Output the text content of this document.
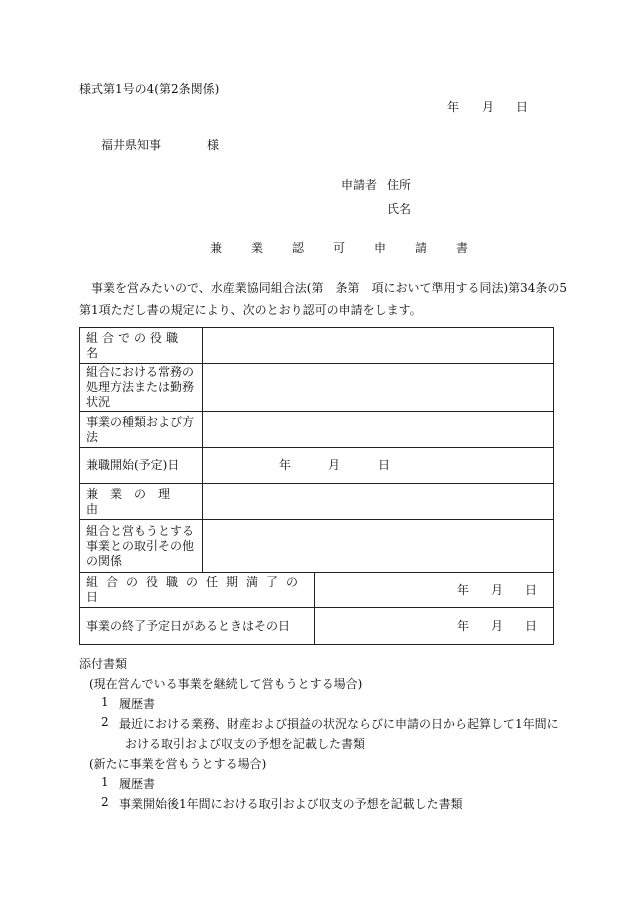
様式第1号の4(第2条関係)
年 月 日
福井県知事	様
申請者 住所
氏名
兼業認可申請書
事業を営みたいので、水産業協同組合法(第　条第　項において準用する同法)第34条の5
第1項ただし書の規定により、次のとおり認可の申請をします。
組合での役職名		
組合における常務の処理方法または勤務状況		
事業の種類および方法		
兼職開始(予定)日	年 月 日	

兼業の理由		
組合と営もうとする事業との取引その他の関係		
組合の役職の任期満了の日		年 月 日

事業の終了予定日があるときはその日		年 月 日
添付書類
(現在営んでいる事業を継続して営もうとする場合)
1 履歴書
2 最近における業務、財産および損益の状況ならびに申請の日から起算して1年間に
おける取引および収支の予想を記載した書類
(新たに事業を営もうとする場合)
1 履歴書
2 事業開始後1年間における取引および収支の予想を記載した書類
